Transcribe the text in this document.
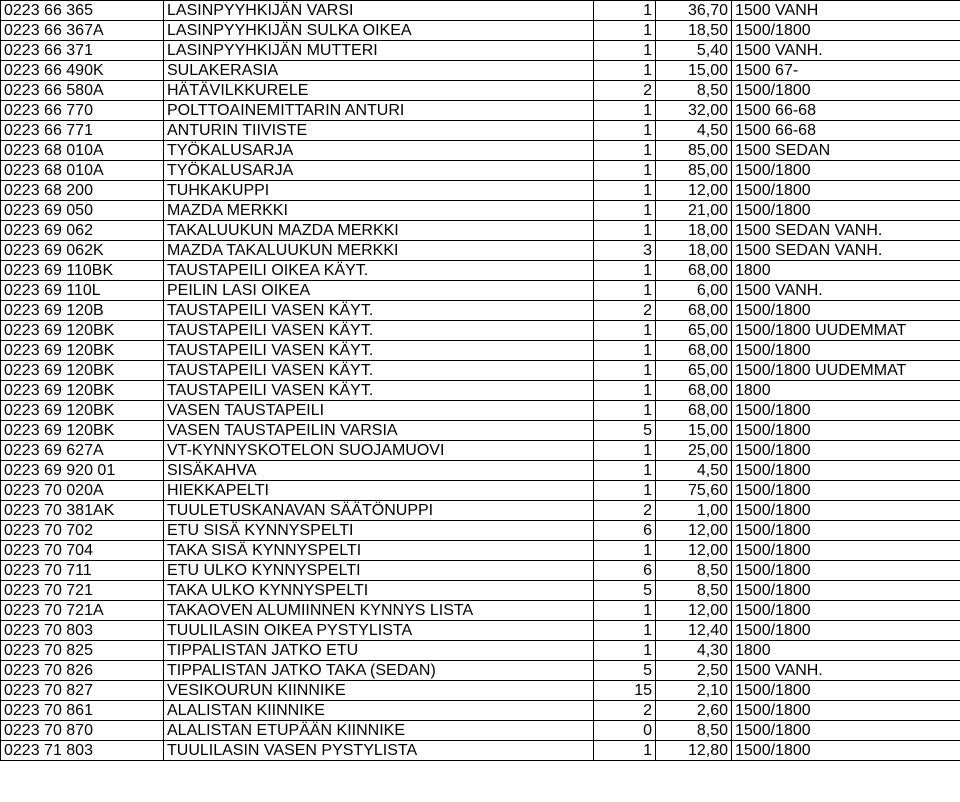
0223 66 365	LASINPYYHKIJÄN VARSI	1	36,70	1500 VANH
0223 66 367A	LASINPYYHKIJÄN SULKA OIKEA	1	18,50	1500/1800
0223 66 371	LASINPYYHKIJÄN MUTTERI	1	5,40	1500 VANH.
0223 66 490K	SULAKERASIA	1	15,00	1500 67-
0223 66 580A	HÄTÄVILKKURELE	2	8,50	1500/1800
0223 66 770	POLTTOAINEMITTARIN ANTURI	1	32,00	1500 66-68
0223 66 771	ANTURIN TIIVISTE	1	4,50	1500 66-68
0223 68 010A	TYÖKALUSARJA	1	85,00	1500 SEDAN
0223 68 010A	TYÖKALUSARJA	1	85,00	1500/1800
0223 68 200	TUHKAKUPPI	1	12,00	1500/1800
0223 69 050	MAZDA MERKKI	1	21,00	1500/1800
0223 69 062	TAKALUUKUN MAZDA MERKKI	1	18,00	1500 SEDAN VANH.
0223 69 062K	MAZDA TAKALUUKUN MERKKI	3	18,00	1500 SEDAN VANH.
0223 69 110BK	TAUSTAPEILI OIKEA KÄYT.	1	68,00	1800
0223 69 110L	PEILIN LASI OIKEA	1	6,00	1500 VANH.
0223 69 120B	TAUSTAPEILI VASEN KÄYT.	2	68,00	1500/1800
0223 69 120BK	TAUSTAPEILI VASEN KÄYT.	1	65,00	1500/1800 UUDEMMAT
0223 69 120BK	TAUSTAPEILI VASEN KÄYT.	1	68,00	1500/1800
0223 69 120BK	TAUSTAPEILI VASEN KÄYT.	1	65,00	1500/1800 UUDEMMAT
0223 69 120BK	TAUSTAPEILI VASEN KÄYT.	1	68,00	1800
0223 69 120BK	VASEN TAUSTAPEILI	1	68,00	1500/1800
0223 69 120BK	VASEN TAUSTAPEILIN VARSIA	5	15,00	1500/1800
0223 69 627A	VT-KYNNYSKOTELON SUOJAMUOVI	1	25,00	1500/1800
0223 69 920 01	SISÄKAHVA	1	4,50	1500/1800
0223 70 020A	HIEKKAPELTI	1	75,60	1500/1800
0223 70 381AK	TUULETUSKANAVAN SÄÄTÖNUPPI	2	1,00	1500/1800
0223 70 702	ETU SISÄ KYNNYSPELTI	6	12,00	1500/1800
0223 70 704	TAKA SISÄ KYNNYSPELTI	1	12,00	1500/1800
0223 70 711	ETU ULKO KYNNYSPELTI	6	8,50	1500/1800
0223 70 721	TAKA ULKO KYNNYSPELTI	5	8,50	1500/1800
0223 70 721A	TAKAOVEN ALUMIINNEN KYNNYS LISTA	1	12,00	1500/1800
0223 70 803	TUULILASIN OIKEA PYSTYLISTA	1	12,40	1500/1800
0223 70 825	TIPPALISTAN JATKO ETU	1	4,30	1800
0223 70 826	TIPPALISTAN JATKO TAKA (SEDAN)	5	2,50	1500 VANH.
0223 70 827	VESIKOURUN KIINNIKE	15	2,10	1500/1800
0223 70 861	ALALISTAN KIINNIKE	2	2,60	1500/1800
0223 70 870	ALALISTAN ETUPÄÄN KIINNIKE	0	8,50	1500/1800
0223 71 803	TUULILASIN VASEN PYSTYLISTA	1	12,80	1500/1800
